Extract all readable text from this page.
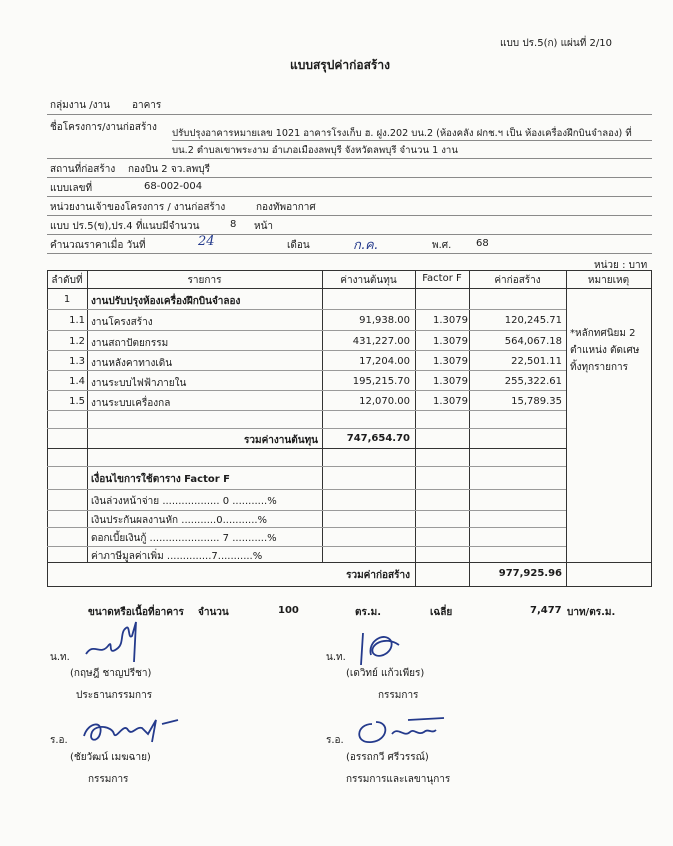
แบบ ปร.5(ก) แผ่นที่ 2/10
แบบสรุปค่าก่อสร้าง
กลุ่มงาน /งาน อาคาร
ชื่อโครงการ/งานก่อสร้าง
ปรับปรุงอาคารหมายเลข 1021 อาคารโรงเก็บ ฮ. ฝูง.202 บน.2 (ห้องคลัง ฝกช.ฯ เป็น ห้องเครื่องฝึกบินจำลอง) ที่
บน.2 ตำบลเขาพระงาม อำเภอเมืองลพบุรี จังหวัดลพบุรี จำนวน 1 งาน
สถานที่ก่อสร้าง กองบิน 2 จว.ลพบุรี
แบบเลขที่	68-002-004
หน่วยงานเจ้าของโครงการ / งานก่อสร้าง	กองทัพอากาศ
แบบ ปร.5(ข),ปร.4 ที่แนบมีจำนวน	8 หน้า
คำนวณราคาเมื่อ วันที่	24	เดือน	ก.ค.	พ.ศ. 68
หน่วย : บาท
ลำดับที่	รายการ	ค่างานต้นทุน	Factor F	ค่าก่อสร้าง	หมายเหตุ
1	งานปรับปรุงห้องเครื่องฝึกบินจำลอง
1.1 งานโครงสร้าง	91,938.00 1.3079	120,245.71
1.2 งานสถาปัตยกรรม	431,227.00 1.3079	564,067.18
1.3 งานหลังคาทางเดิน	17,204.00 1.3079	22,501.11
1.4 งานระบบไฟฟ้าภายใน	195,215.70 1.3079	255,322.61
1.5 งานระบบเครื่องกล	12,070.00 1.3079	15,789.35
*หลักทศนิยม 2
ตำแหน่ง ตัดเศษ
ทิ้งทุกรายการ
รวมค่างานต้นทุน	747,654.70
เงื่อนไขการใช้ตาราง Factor F
เงินล่วงหน้าจ่าย .................. 0 ...........%
เงินประกันผลงานหัก ...........0...........%
ดอกเบี้ยเงินกู้ ...................... 7 ...........%
ค่าภาษีมูลค่าเพิ่ม ..............7...........%
รวมค่าก่อสร้าง	977,925.96
ขนาดหรือเนื้อที่อาคาร จำนวน	100	ตร.ม.	เฉลี่ย	7,477 บาท/ตร.ม.
น.ท.
(กฤษฎี ชาญปรีชา)
ประธานกรรมการ
น.ท.
(เดวิทย์ แก้วเพียร)
กรรมการ
ร.อ.
(ชัยวัฒน์ เมฆฉาย)
กรรมการ
ร.อ.
(อรรถกวี ศรีวรรณ์)
กรรมการและเลขานุการ
